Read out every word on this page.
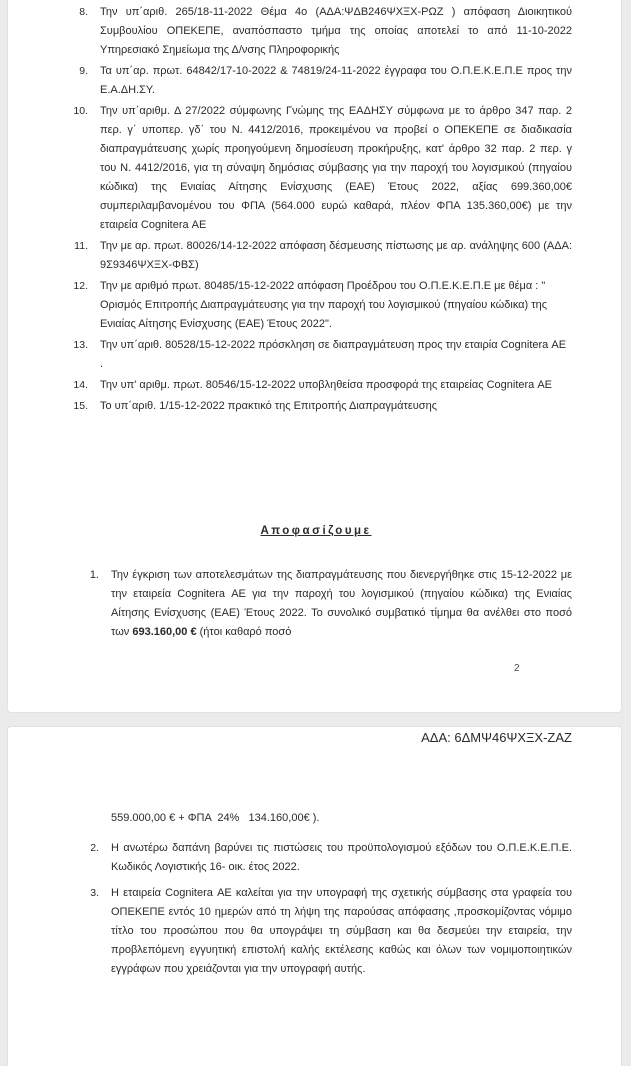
8. Την υπ΄αριθ. 265/18-11-2022 Θέμα 4ο (ΑΔΑ:ΨΔΒ246ΨΧΞΧ-ΡΩΖ ) απόφαση Διοικητικού Συμβουλίου ΟΠΕΚΕΠΕ, αναπόσπαστο τμήμα της οποίας αποτελεί το από 11-10-2022 Υπηρεσιακό Σημείωμα της Δ/νσης Πληροφορικής
9. Τα υπ΄αρ. πρωτ. 64842/17-10-2022 & 74819/24-11-2022 έγγραφα του Ο.Π.Ε.Κ.Ε.Π.Ε προς την Ε.Α.ΔΗ.ΣΥ.
10. Την υπ΄αριθμ. Δ 27/2022 σύμφωνης Γνώμης της ΕΑΔΗΣΥ σύμφωνα με το άρθρο 347 παρ. 2 περ. γ΄ υποπερ. γδ΄ του Ν. 4412/2016, προκειμένου να προβεί ο ΟΠΕΚΕΠΕ σε διαδικασία διαπραγμάτευσης χωρίς προηγούμενη δημοσίευση προκήρυξης, κατ' άρθρο 32 παρ. 2 περ. γ του Ν. 4412/2016, για τη σύναψη δημόσιας σύμβασης για την παροχή του λογισμικού (πηγαίου κώδικα) της Ενιαίας Αίτησης Ενίσχυσης (ΕΑΕ) Έτους 2022, αξίας 699.360,00€ συμπεριλαμβανομένου του ΦΠΑ (564.000 ευρώ καθαρά, πλέον ΦΠΑ 135.360,00€) με την εταιρεία Cognitera ΑΕ
11. Την με αρ. πρωτ. 80026/14-12-2022 απόφαση δέσμευσης πίστωσης με αρ. ανάληψης 600 (ΑΔΑ: 9Σ9346ΨΧΞΧ-ΦΒΣ)
12. Την με αριθμό πρωτ. 80485/15-12-2022 απόφαση Προέδρου του Ο.Π.Ε.Κ.Ε.Π.Ε με θέμα : " Ορισμός Επιτροπής Διαπραγμάτευσης για την παροχή του λογισμικού (πηγαίου κώδικα) της Ενιαίας Αίτησης Ενίσχυσης (ΕΑΕ) Έτους 2022".
13. Την υπ΄αριθ. 80528/15-12-2022 πρόσκληση σε διαπραγμάτευση προς την εταιρία Cognitera ΑΕ .
14. Την υπ' αριθμ. πρωτ. 80546/15-12-2022 υποβληθείσα προσφορά της εταιρείας Cognitera ΑΕ
15. Το υπ΄αριθ. 1/15-12-2022 πρακτικό της Επιτροπής Διαπραγμάτευσης
Αποφασίζουμε
1. Την έγκριση των αποτελεσμάτων της διαπραγμάτευσης που διενεργήθηκε στις 15-12-2022 με την εταιρεία Cognitera ΑΕ για την παροχή του λογισμικού (πηγαίου κώδικα) της Ενιαίας Αίτησης Ενίσχυσης (ΕΑΕ) Έτους 2022. Το συνολικό συμβατικό τίμημα θα ανέλθει στο ποσό των 693.160,00 € (ήτοι καθαρό ποσό
2
ΑΔΑ: 6ΔΜΨ46ΨΧΞΧ-ΖΑΖ
559.000,00 € + ΦΠΑ  24%   134.160,00€ ).
2. Η ανωτέρω δαπάνη βαρύνει τις πιστώσεις του προϋπολογισμού εξόδων του Ο.Π.Ε.Κ.Ε.Π.Ε. Κωδικός Λογιστικής 16- οικ. έτος 2022.
3. Η εταιρεία Cognitera ΑΕ καλείται για την υπογραφή της σχετικής σύμβασης στα γραφεία του ΟΠΕΚΕΠΕ εντός 10 ημερών από τη λήψη της παρούσας απόφασης ,προσκομίζοντας νόμιμο τίτλο του προσώπου που θα υπογράψει τη σύμβαση και θα δεσμεύει την εταιρεία, την προβλεπόμενη εγγυητική επιστολή καλής εκτέλεσης καθώς και όλων των νομιμοποιητικών εγγράφων που χρειάζονται για την υπογραφή αυτής.
